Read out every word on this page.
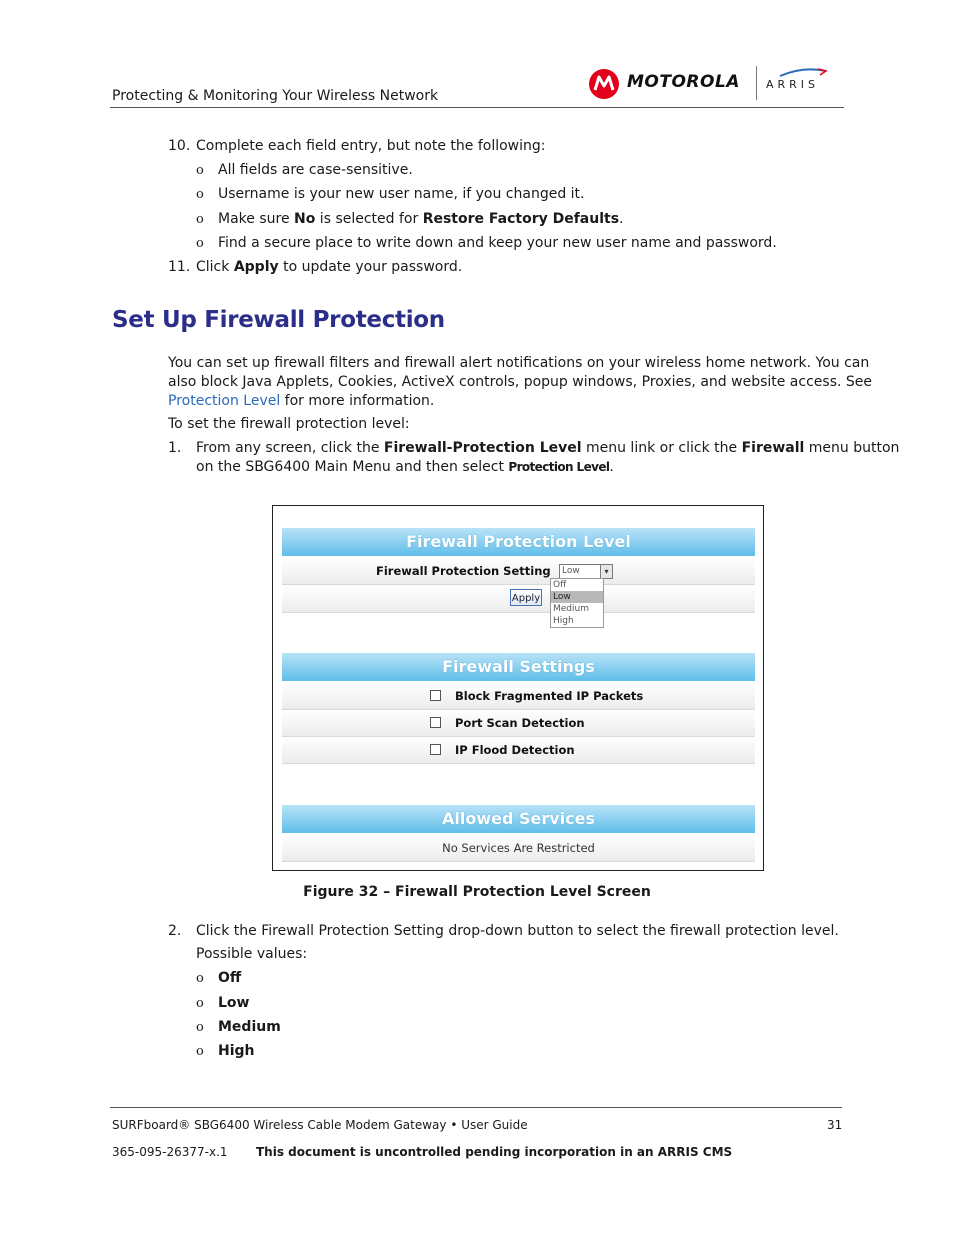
Protecting & Monitoring Your Wireless Network
MOTOROLA ARRIS
10. Complete each field entry, but note the following:
o All fields are case-sensitive.
o Username is your new user name, if you changed it.
o Make sure No is selected for Restore Factory Defaults.
o Find a secure place to write down and keep your new user name and password.
11. Click Apply to update your password.
Set Up Firewall Protection
You can set up firewall filters and firewall alert notifications on your wireless home network. You can
also block Java Applets, Cookies, ActiveX controls, popup windows, Proxies, and website access. See
Protection Level for more information.
To set the firewall protection level:
1.	From any screen, click the Firewall-Protection Level menu link or click the Firewall menu button
on the SBG6400 Main Menu and then select Protection Level.
Firewall Protection Level
Firewall Protection Setting	Low	▾
Apply
Off
Low
Medium
High
Firewall Settings
Block Fragmented IP Packets
Port Scan Detection
IP Flood Detection
Allowed Services
No Services Are Restricted
Figure 32 – Firewall Protection Level Screen
2.	Click the Firewall Protection Setting drop-down button to select the firewall protection level.
Possible values:
o Off
o Low
o Medium
o High
SURFboard® SBG6400 Wireless Cable Modem Gateway • User Guide	31
365-095-26377-x.1 This document is uncontrolled pending incorporation in an ARRIS CMS
